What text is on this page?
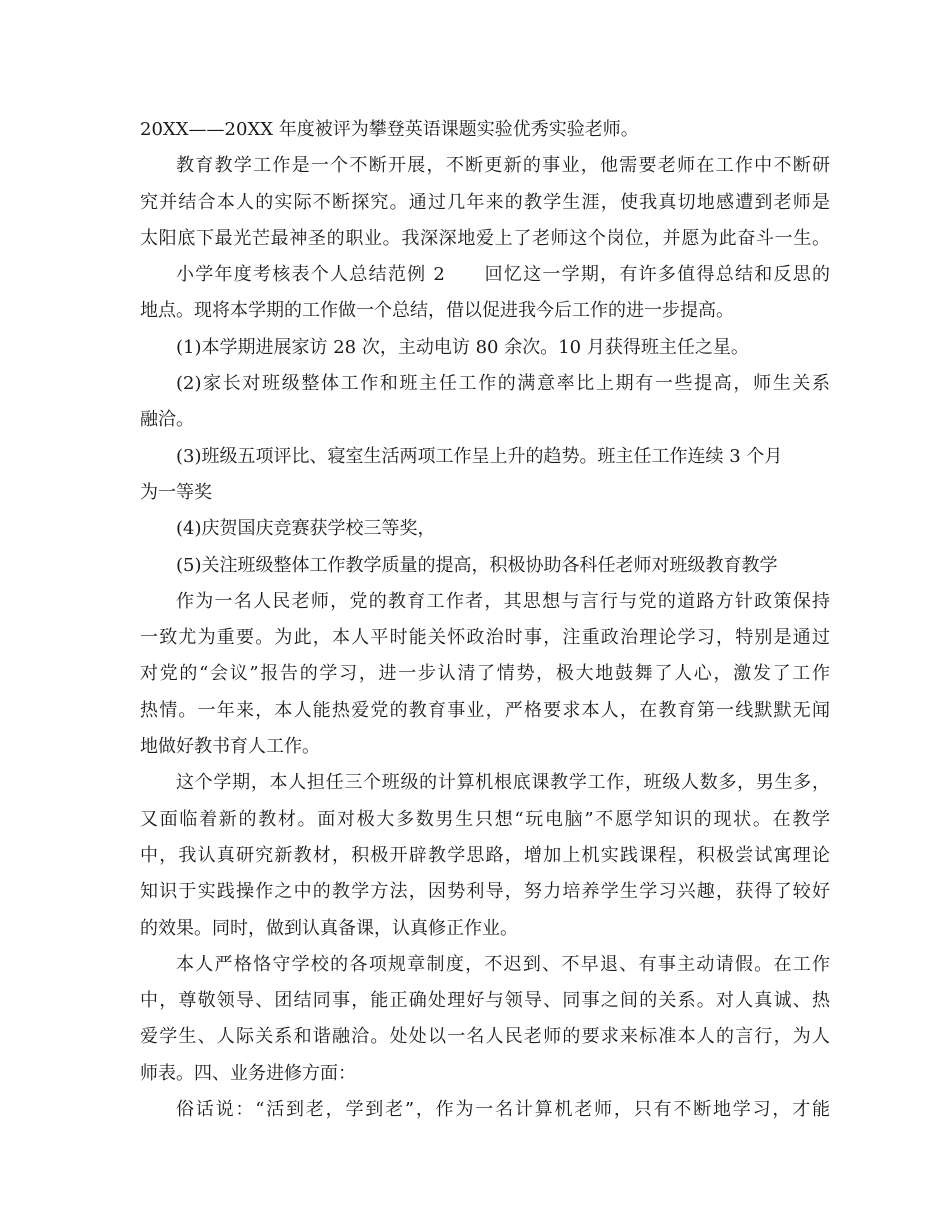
20XX——20XX 年度被评为攀登英语课题实验优秀实验老师。
教育教学工作是一个不断开展，不断更新的事业，他需要老师在工作中不断研
究并结合本人的实际不断探究。通过几年来的教学生涯，使我真切地感遭到老师是
太阳底下最光芒最神圣的职业。我深深地爱上了老师这个岗位，并愿为此奋斗一生。
小学年度考核表个人总结范例 2　　回忆这一学期，有许多值得总结和反思的
地点。现将本学期的工作做一个总结，借以促进我今后工作的进一步提高。
(1)本学期进展家访 28 次，主动电访 80 余次。10 月获得班主任之星。
(2)家长对班级整体工作和班主任工作的满意率比上期有一些提高，师生关系
融洽。
(3)班级五项评比、寝室生活两项工作呈上升的趋势。班主任工作连续 3 个月
为一等奖
(4)庆贺国庆竞赛获学校三等奖，
(5)关注班级整体工作教学质量的提高，积极协助各科任老师对班级教育教学
作为一名人民老师，党的教育工作者，其思想与言行与党的道路方针政策保持
一致尤为重要。为此，本人平时能关怀政治时事，注重政治理论学习，特别是通过
对党的“会议”报告的学习，进一步认清了情势，极大地鼓舞了人心，激发了工作
热情。一年来，本人能热爱党的教育事业，严格要求本人，在教育第一线默默无闻
地做好教书育人工作。
这个学期，本人担任三个班级的计算机根底课教学工作，班级人数多，男生多，
又面临着新的教材。面对极大多数男生只想“玩电脑”不愿学知识的现状。在教学
中，我认真研究新教材，积极开辟教学思路，增加上机实践课程，积极尝试寓理论
知识于实践操作之中的教学方法，因势利导，努力培养学生学习兴趣，获得了较好
的效果。同时，做到认真备课，认真修正作业。
本人严格恪守学校的各项规章制度，不迟到、不早退、有事主动请假。在工作
中，尊敬领导、团结同事，能正确处理好与领导、同事之间的关系。对人真诚、热
爱学生、人际关系和谐融洽。处处以一名人民老师的要求来标准本人的言行，为人
师表。四、业务进修方面：
俗话说：“活到老，学到老”，作为一名计算机老师，只有不断地学习，才能
